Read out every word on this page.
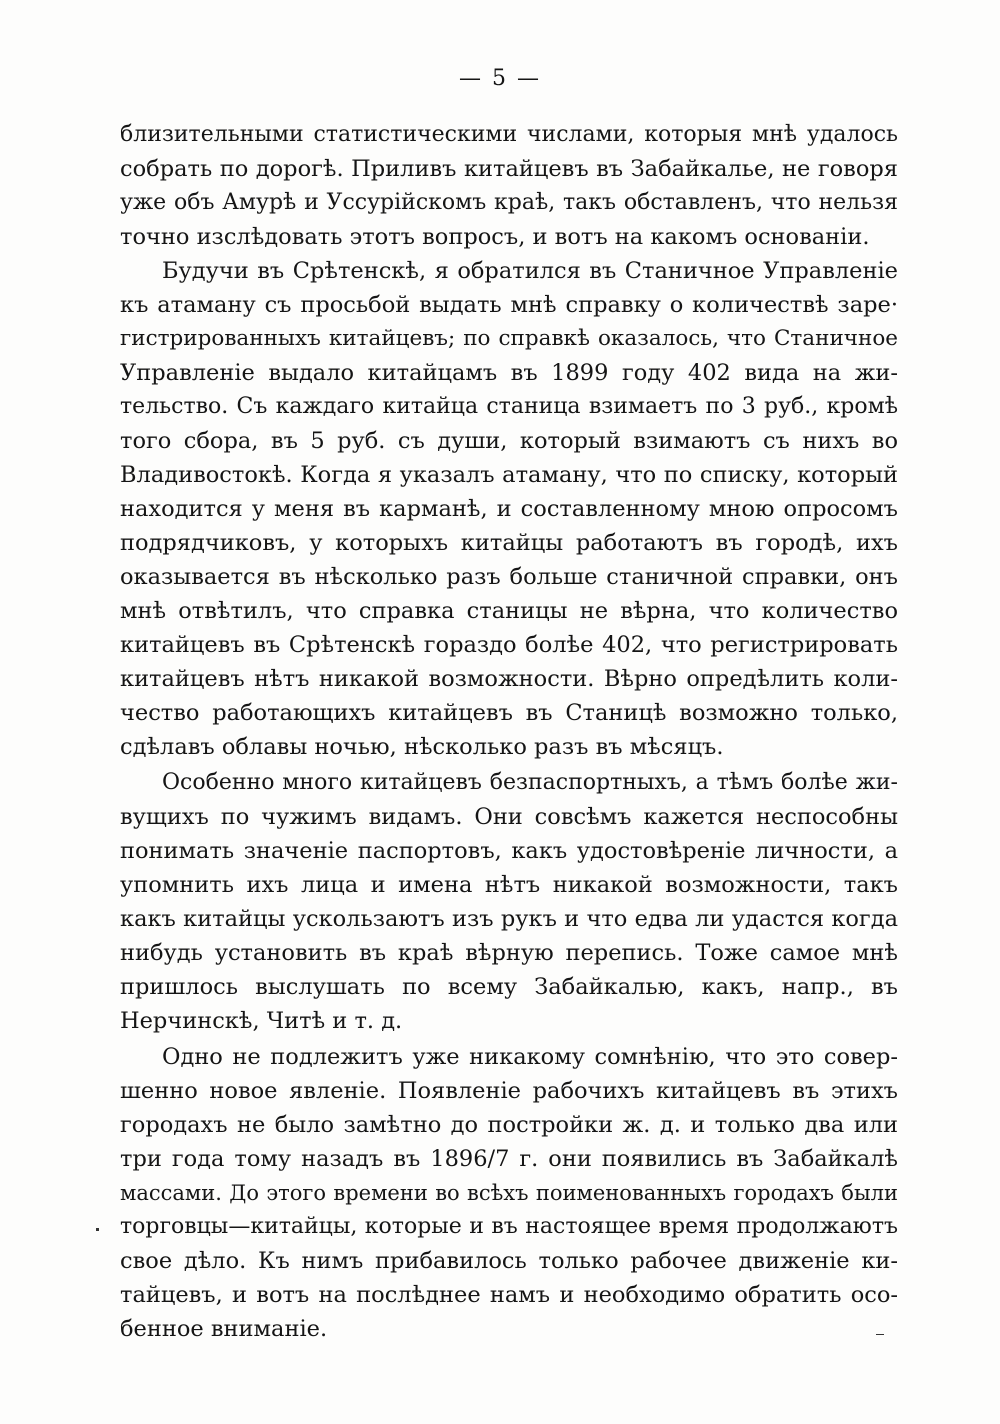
— 5 —
близительными статистическими числами, которыя мнѣ удалось
собрать по дорогѣ. Приливъ китайцевъ въ Забайкалье, не говоря
уже объ Амурѣ и Уссурійскомъ краѣ, такъ обставленъ, что нельзя
точно изслѣдовать этотъ вопросъ, и вотъ на какомъ основаніи.
Будучи въ Срѣтенскѣ, я обратился въ Станичное Управленіе
къ атаману съ просьбой выдать мнѣ справку о количествѣ заре·
гистрированныхъ китайцевъ; по справкѣ оказалось, что Станичное
Управленіе выдало китайцамъ въ 1899 году 402 вида на жи-
тельство. Съ каждаго китайца станица взимаетъ по 3 руб., кромѣ
того сбора, въ 5 руб. съ души, который взимаютъ съ нихъ во
Владивостокѣ. Когда я указалъ атаману, что по списку, который
находится у меня въ карманѣ, и составленному мною опросомъ
подрядчиковъ, у которыхъ китайцы работаютъ въ городѣ, ихъ
оказывается въ нѣсколько разъ больше станичной справки, онъ
мнѣ отвѣтилъ, что справка станицы не вѣрна, что количество
китайцевъ въ Срѣтенскѣ гораздо болѣе 402, что регистрировать
китайцевъ нѣтъ никакой возможности. Вѣрно опредѣлить коли-
чество работающихъ китайцевъ въ Станицѣ возможно только,
сдѣлавъ облавы ночью, нѣсколько разъ въ мѣсяцъ.
Особенно много китайцевъ безпаспортныхъ, а тѣмъ болѣе жи-
вущихъ по чужимъ видамъ. Они совсѣмъ кажется неспособны
понимать значеніе паспортовъ, какъ удостовѣреніе личности, а
упомнить ихъ лица и имена нѣтъ никакой возможности, такъ
какъ китайцы ускользаютъ изъ рукъ и что едва ли удастся когда
нибудь установить въ краѣ вѣрную перепись. Тоже самое мнѣ
пришлось выслушать по всему Забайкалью, какъ, напр., въ
Нерчинскѣ, Читѣ и т. д.
Одно не подлежитъ уже никакому сомнѣнію, что это совер-
шенно новое явленіе. Появленіе рабочихъ китайцевъ въ этихъ
городахъ не было замѣтно до постройки ж. д. и только два или
три года тому назадъ въ 1896/7 г. они появились въ Забайкалѣ
массами. До этого времени во всѣхъ поименованныхъ городахъ были
торговцы—китайцы, которые и въ настоящее время продолжаютъ
свое дѣло. Къ нимъ прибавилось только рабочее движеніе ки-
тайцевъ, и вотъ на послѣднее намъ и необходимо обратить осо-
бенное вниманіе.
